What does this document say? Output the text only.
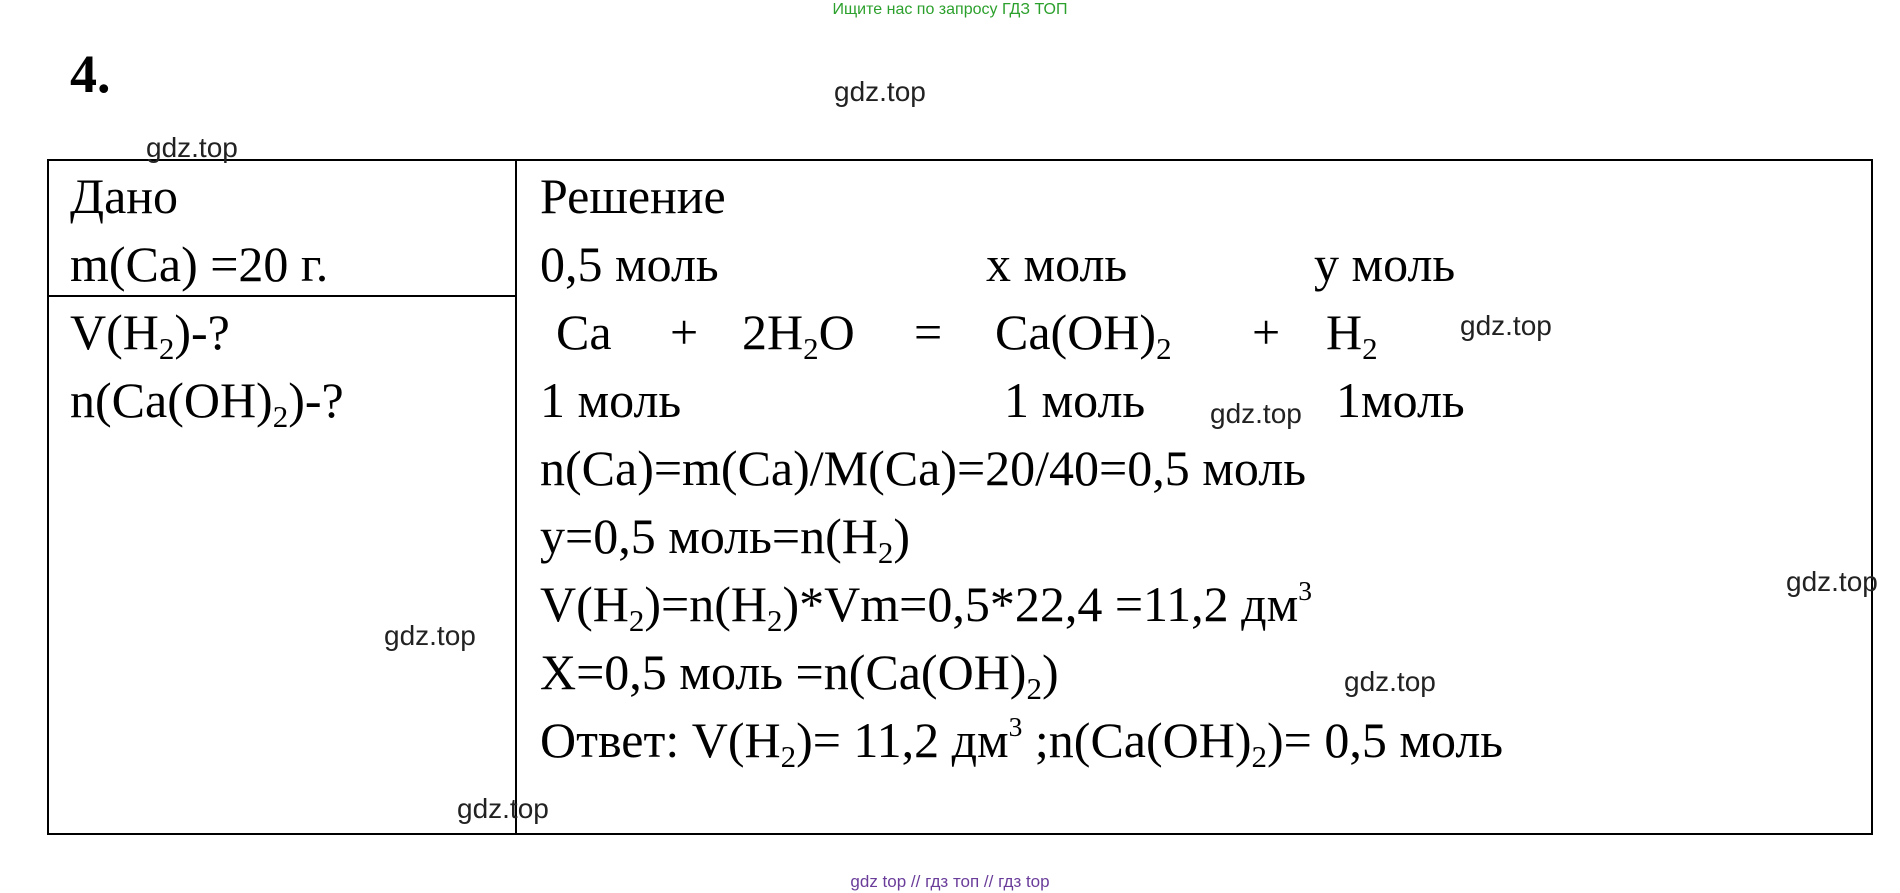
Ищите нас по запросу ГДЗ ТОП
4.
Дано
m(Ca) =20 г.
V(H2)-?
n(Ca(OH)2)-?
Решение
0,5 моль	x моль	y моль
Ca + 2H2O = Ca(OH)2 + H2
1 моль	1 моль	1моль
n(Ca)=m(Ca)/M(Ca)=20/40=0,5 моль
y=0,5 моль=n(H2)
V(H2)=n(H2)*Vm=0,5*22,4 =11,2 $дм^3$
X=0,5 моль =n(Ca(OH)2)
Ответ: V(H2)= 11,2 $дм^3$ ;n(Ca(OH)2)= 0,5 моль
gdz.top
gdz.top
gdz.top
gdz.top
gdz.top
gdz.top
gdz.top
gdz.top
gdz top // гдз топ // гдз top
